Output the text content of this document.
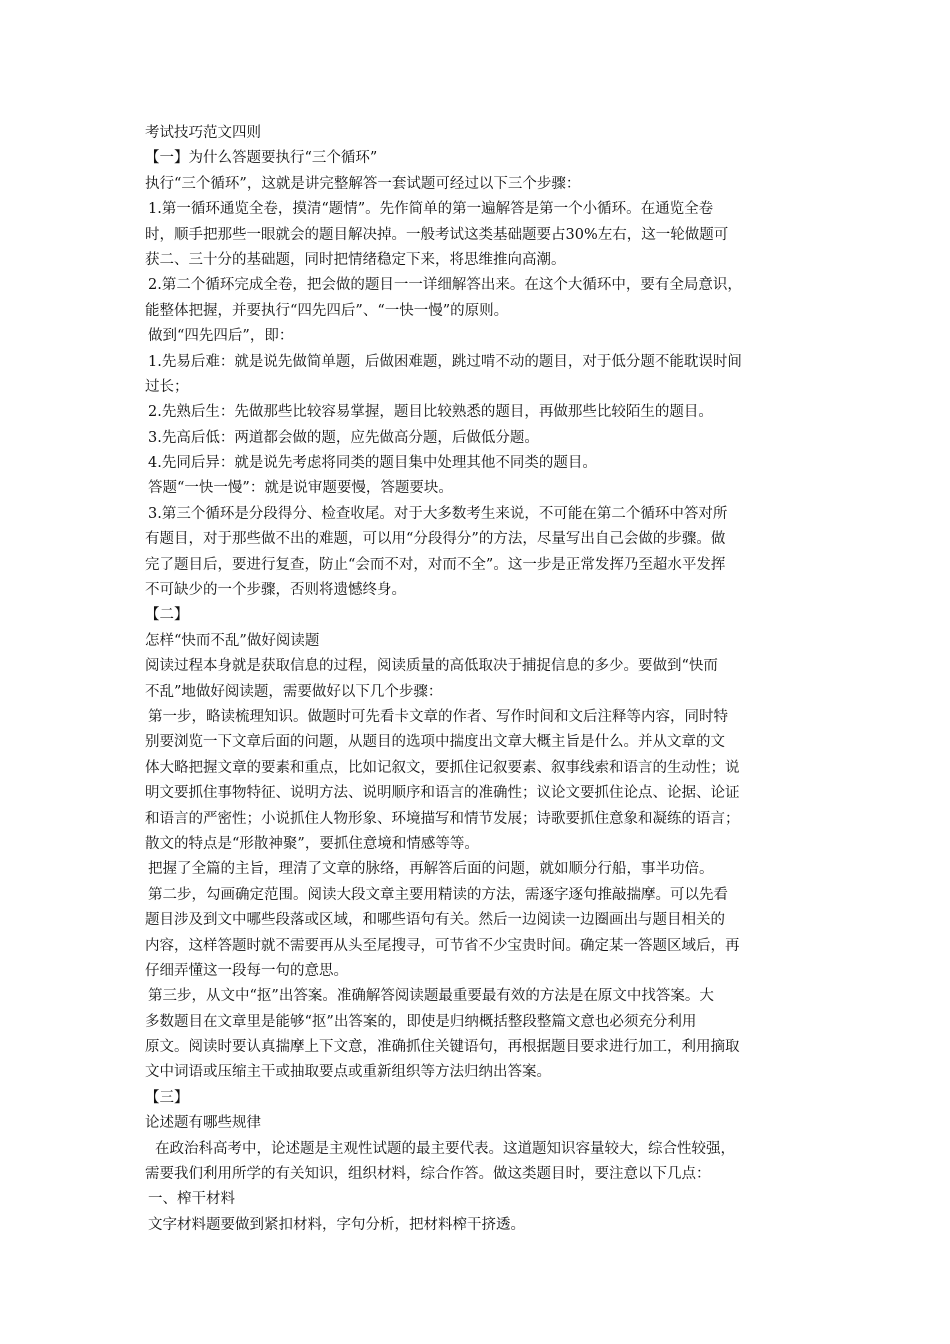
考试技巧范文四则
【一】为什么答题要执行“三个循环”
执行“三个循环”，这就是讲完整解答一套试题可经过以下三个步骤：
1.第一循环通览全卷，摸清“题情”。先作简单的第一遍解答是第一个小循环。在通览全卷
时，顺手把那些一眼就会的题目解决掉。一般考试这类基础题要占30%左右，这一轮做题可
获二、三十分的基础题，同时把情绪稳定下来，将思维推向高潮。
2.第二个循环完成全卷，把会做的题目一一详细解答出来。在这个大循环中，要有全局意识，
能整体把握，并要执行“四先四后”、“一快一慢”的原则。
做到“四先四后”，即：
1.先易后难：就是说先做简单题，后做困难题，跳过啃不动的题目，对于低分题不能耽误时间
过长；
2.先熟后生：先做那些比较容易掌握，题目比较熟悉的题目，再做那些比较陌生的题目。
3.先高后低：两道都会做的题，应先做高分题，后做低分题。
4.先同后异：就是说先考虑将同类的题目集中处理其他不同类的题目。
答题“一快一慢”：就是说审题要慢，答题要块。
3.第三个循环是分段得分、检查收尾。对于大多数考生来说，不可能在第二个循环中答对所
有题目，对于那些做不出的难题，可以用“分段得分”的方法，尽量写出自己会做的步骤。做
完了题目后，要进行复查，防止“会而不对，对而不全”。这一步是正常发挥乃至超水平发挥
不可缺少的一个步骤，否则将遗憾终身。
【二】
怎样“快而不乱”做好阅读题
阅读过程本身就是获取信息的过程，阅读质量的高低取决于捕捉信息的多少。要做到“快而
不乱”地做好阅读题，需要做好以下几个步骤：
第一步，略读梳理知识。做题时可先看卡文章的作者、写作时间和文后注释等内容，同时特
别要浏览一下文章后面的问题，从题目的选项中揣度出文章大概主旨是什么。并从文章的文
体大略把握文章的要素和重点，比如记叙文，要抓住记叙要素、叙事线索和语言的生动性；说
明文要抓住事物特征、说明方法、说明顺序和语言的准确性；议论文要抓住论点、论据、论证
和语言的严密性；小说抓住人物形象、环境描写和情节发展；诗歌要抓住意象和凝练的语言；
散文的特点是“形散神聚”，要抓住意境和情感等等。
把握了全篇的主旨，理清了文章的脉络，再解答后面的问题，就如顺分行船，事半功倍。
第二步，勾画确定范围。阅读大段文章主要用精读的方法，需逐字逐句推敲揣摩。可以先看
题目涉及到文中哪些段落或区域，和哪些语句有关。然后一边阅读一边圈画出与题目相关的
内容，这样答题时就不需要再从头至尾搜寻，可节省不少宝贵时间。确定某一答题区域后，再
仔细弄懂这一段每一句的意思。
第三步，从文中“抠”出答案。准确解答阅读题最重要最有效的方法是在原文中找答案。大
多数题目在文章里是能够“抠”出答案的，即使是归纳概括整段整篇文意也必须充分利用
原文。阅读时要认真揣摩上下文意，准确抓住关键语句，再根据题目要求进行加工，利用摘取
文中词语或压缩主干或抽取要点或重新组织等方法归纳出答案。
【三】
论述题有哪些规律
在政治科高考中，论述题是主观性试题的最主要代表。这道题知识容量较大，综合性较强，
需要我们利用所学的有关知识，组织材料，综合作答。做这类题目时，要注意以下几点：
一、榨干材料
文字材料题要做到紧扣材料，字句分析，把材料榨干挤透。
